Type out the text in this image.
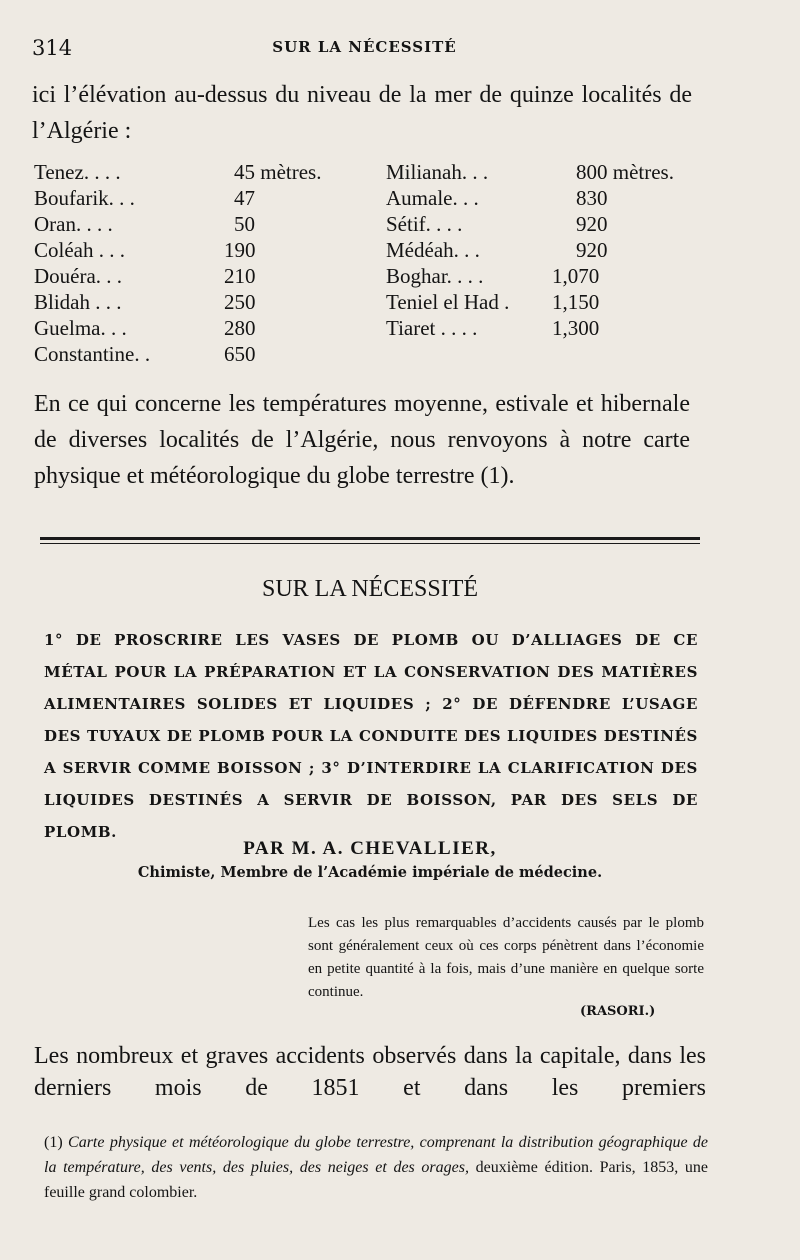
314	SUR LA NÉCESSITÉ
ici l’élévation au-dessus du niveau de la mer de quinze localités de l’Algérie :
Tenez. . . .	45 mètres.
Boufarik. . .	47
Oran. . . .	50
Coléah . . .	190
Douéra. . .	210
Blidah . . .	250
Guelma. . .	280
Constantine. .	650
Milianah. . .	800 mètres.
Aumale. . .	830
Sétif. . . .	920
Médéah. . .	920
Boghar. . . .	1,070
Teniel el Had . 1,150
Tiaret . . . .	1,300
En ce qui concerne les températures moyenne, estivale et hibernale de diverses localités de l’Algérie, nous renvoyons à notre carte physique et météorologique du globe terrestre (1).
SUR LA NÉCESSITÉ
1° DE PROSCRIRE LES VASES DE PLOMB OU D’ALLIAGES DE CE MÉTAL POUR LA PRÉPARATION ET LA CONSERVATION DES MATIÈRES ALIMENTAIRES SOLIDES ET LIQUIDES ; 2° DE DÉFENDRE L’USAGE DES TUYAUX DE PLOMB POUR LA CONDUITE DES LIQUIDES DESTINÉS A SERVIR COMME BOISSON ; 3° D’INTERDIRE LA CLARIFICATION DES LIQUIDES DESTINÉS A SERVIR DE BOISSON, PAR DES SELS DE PLOMB.
PAR M. A. CHEVALLIER,
Chimiste, Membre de l’Académie impériale de médecine.
Les cas les plus remarquables d’accidents causés par le plomb sont généralement ceux où ces corps pénètrent dans l’économie en petite quantité à la fois, mais d’une manière en quelque sorte continue.
(RASORI.)
Les nombreux et graves accidents observés dans la capitale, dans les derniers mois de 1851 et dans les premiers
(1) Carte physique et météorologique du globe terrestre, comprenant la distribution géographique de la température, des vents, des pluies, des neiges et des orages, deuxième édition. Paris, 1853, une feuille grand colombier.
